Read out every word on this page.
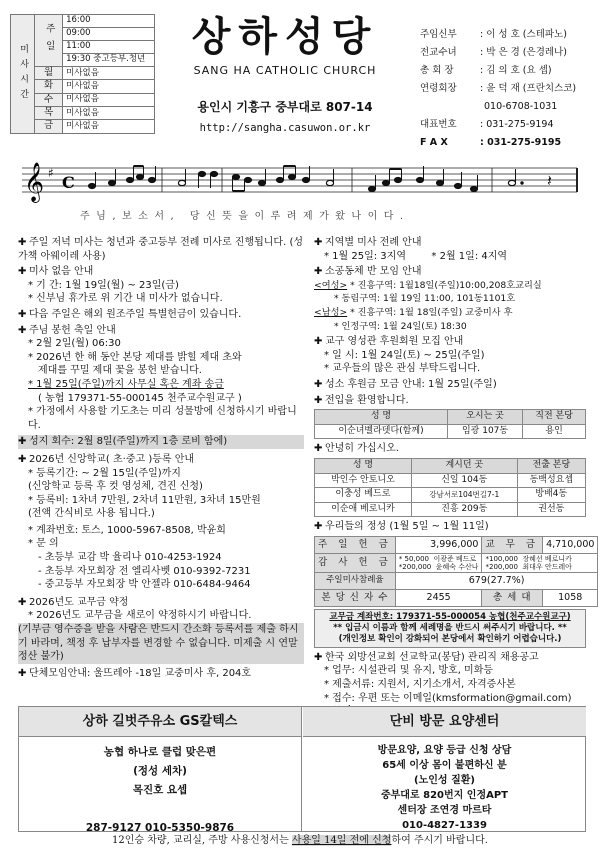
미사시간	주일	16:00
		09:00
		11:00
		19:30 중고등부.청년
	월	미사없음
	화	미사없음
	수	미사없음
	목	미사없음
	금	미사없음
상하성당
SANG HA CATHOLIC CHURCH
용인시 기흥구 중부대로 807-14
http://sangha.casuwon.or.kr
주임신부 : 이 성 호 (스테파노)
전교수녀 : 박 은 경 (은경레나)
총 회 장	: 김 의 호 (요 셉)
연령회장 : 윤 덕 재 (프란치스코)
010-6708-1031
대표번호 : 031-275-9194
F A X	: 031-275-9195
𝄞 ♯ C	𝄽
주님,보소서, 당신뜻을이루려제가왔나이다.
✚ 주일 저녁 미사는 청년과 중고등부 전례 미사로 진행됩니다. (성가책 아웨이레 사용)
✚ 미사 없음 안내
* 기 간: 1월 19일(월) ~ 23일(금)
* 신부님 휴가로 위 기간 내 미사가 없습니다.
✚ 다음 주일은 해외 원조주일 특별헌금이 있습니다.
✚ 주님 봉헌 축일 안내
* 2월 2일(월) 06:30
* 2026년 한 해 동안 본당 제대를 밝힐 제대 초와
제대를 꾸밀 제대 꽃을 봉헌 받습니다.
* 1월 25일(주일)까지 사무실 혹은 계좌 송금
( 농협 179371-55-000145 천주교수원교구 )
* 가정에서 사용할 기도초는 미리 성물방에 신청하시기 바랍니다.
✚ 성지 회수: 2월 8일(주일)까지 1층 로비 함에)
✚ 2026년 신앙학교( 초·중고 )등록 안내
* 등록기간: ~ 2월 15일(주일)까지
(신앙학교 등록 후 컷 영성체, 견진 신청)
* 등록비: 1차녀 7만원, 2차녀 11만원, 3차녀 15만원
(전액 간식비로 사용 됩니다.)
* 계좌번호: 토스, 1000-5967-8508, 박윤희
* 문 의
- 초등부 교감 박 율리나 010-4253-1924
- 초등부 자모회장 전 엘리사벳 010-9392-7231
- 중고등부 자모회장 박 안젤라 010-6484-9464
✚ 2026년도 교무금 약정
* 2026년도 교무금을 새로이 약정하시기 바랍니다.
(기부금 영수증을 받을 사람은 반드시 간소화 등록서를 제출 하시기 바라며, 책정 후 납부자를 변경할 수 없습니다. 미제출 시 연말정산 불가)
✚ 단체모임안내: 울뜨레아 -18일 교중미사 후, 204호
✚ 지역별 미사 전례 안내
* 1월 25일: 3지역        * 2월 1일: 4지역
✚ 소공동체 반 모임 안내
<여성> * 진흥구역: 1월18일(주일)10:00,208호교리실
* 동림구역: 1월 19일 11:00, 101동1101호
<남성> * 진흥구역: 1월 18일(주일) 교중미사 후
* 인정구역: 1월 24일(토) 18:30
✚ 교구 영성관 후원회원 모집 안내
* 일 시: 1월 24일(토) ~ 25일(주일)
* 교우들의 많은 관심 부탁드립니다.
✚ 성소 후원금 모금 안내: 1월 25일(주일)
✚ 전입을 환영합니다.
성 명	오시는 곳	직전 본당
이순녀벨라뎃다(함께)	임광 107동	용인
✚ 안녕히 가십시오.
성 명	계시던 곳	전출 본당
박인수 안토니오	신일 104동	동백성요셉
이충성 베드로	강남서로104번길7-1	방배4동
이순애 베로니카	진흥 209동	권선동
✚ 우리들의 정성 (1월 5일 ~ 1월 11일)
주 일 헌 금	3,996,000	교 무 금	4,710,000
감 사 헌 금	* 50,000  이광준 베드로
*200,000  윤혜숙 수산나	*100,000  장혜선 베로니카
*200,000  최대우 안드레아	
주일미사참례율	679(27.7%)		
본 당 신 자 수	2455	총 세 대	1058
교무금 계좌번호: 179371-55-000054 농협(천주교수원교구)
** 입금시 이름과 함께 세례명을 반드시 써주시기 바랍니다. **
(개인정보 확인이 강화되어 본당에서 확인하기 어렵습니다.)
✚ 한국 외방선교회 선교학교(봉담) 관리직 채용공고
* 업무: 시설관리 및 유지, 방호, 미화등
* 제출서류: 지원서, 지기소개서, 자격증사본
* 접수: 우편 또는 이메일(kmsformation@gmail.com)
상하 길벗주유소 GS칼텍스
농협 하나로 클럽 맞은편
(정성 세차)
목진호 요셉
287-9127 010-5350-9876
단비 방문 요양센터
방문요양, 요양 등급 신청 상담
65세 이상 몸이 불편하신 분
(노인성 질환)
중부대로 820번지 인정APT
센터장 조연경 마르타
010-4827-1339
12인승 차량, 교리실, 주방 사용신청서는 사용일 14일 전에 신청하여 주시기 바랍니다.
